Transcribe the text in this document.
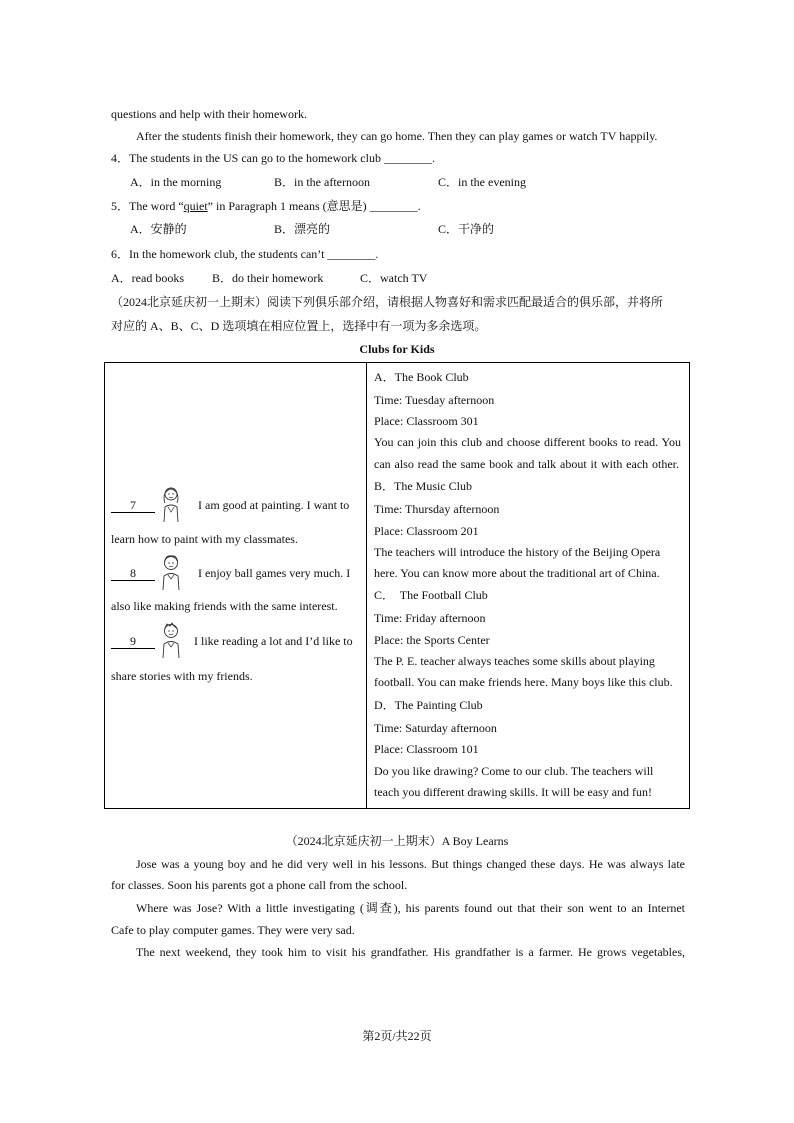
questions and help with their homework.
After the students finish their homework, they can go home. Then they can play games or watch TV happily.
4．The students in the US can go to the homework club ________.
A．in the morning	B．in the afternoon	C．in the evening
5．The word “quiet” in Paragraph 1 means (意思是) ________.
A．安静的	B．漂亮的	C．干净的
6．In the homework club, the students can’t ________.
A．read books B．do their homework	C．watch TV
（2024北京延庆初一上期末）阅读下列俱乐部介绍，请根据人物喜好和需求匹配最适合的俱乐部，并将所
对应的 A、B、C、D 选项填在相应位置上，选择中有一项为多余选项。
Clubs for Kids
7	I am good at painting. I want to
learn how to paint with my classmates.
8	I enjoy ball games very much. I
also like making friends with the same interest.
9	I like reading a lot and I’d like to
share stories with my friends.
A．The Book Club
Time: Tuesday afternoon
Place: Classroom 301
You can join this club and choose different books to read. You
can also read the same book and talk about it with each other.
B．The Music Club
Time: Thursday afternoon
Place: Classroom 201
The teachers will introduce the history of the Beijing Opera
here. You can know more about the traditional art of China.
C．  The Football Club
Time: Friday afternoon
Place: the Sports Center
The P. E. teacher always teaches some skills about playing
football. You can make friends here. Many boys like this club.
D．The Painting Club
Time: Saturday afternoon
Place: Classroom 101
Do you like drawing? Come to our club. The teachers will
teach you different drawing skills. It will be easy and fun!
（2024北京延庆初一上期末）A Boy Learns
Jose was a young boy and he did very well in his lessons. But things changed these days. He was always late
for classes. Soon his parents got a phone call from the school.
Where was Jose? With a little investigating (调查), his parents found out that their son went to an Internet
Cafe to play computer games. They were very sad.
The next weekend, they took him to visit his grandfather. His grandfather is a farmer. He grows vegetables,
第2页/共22页
